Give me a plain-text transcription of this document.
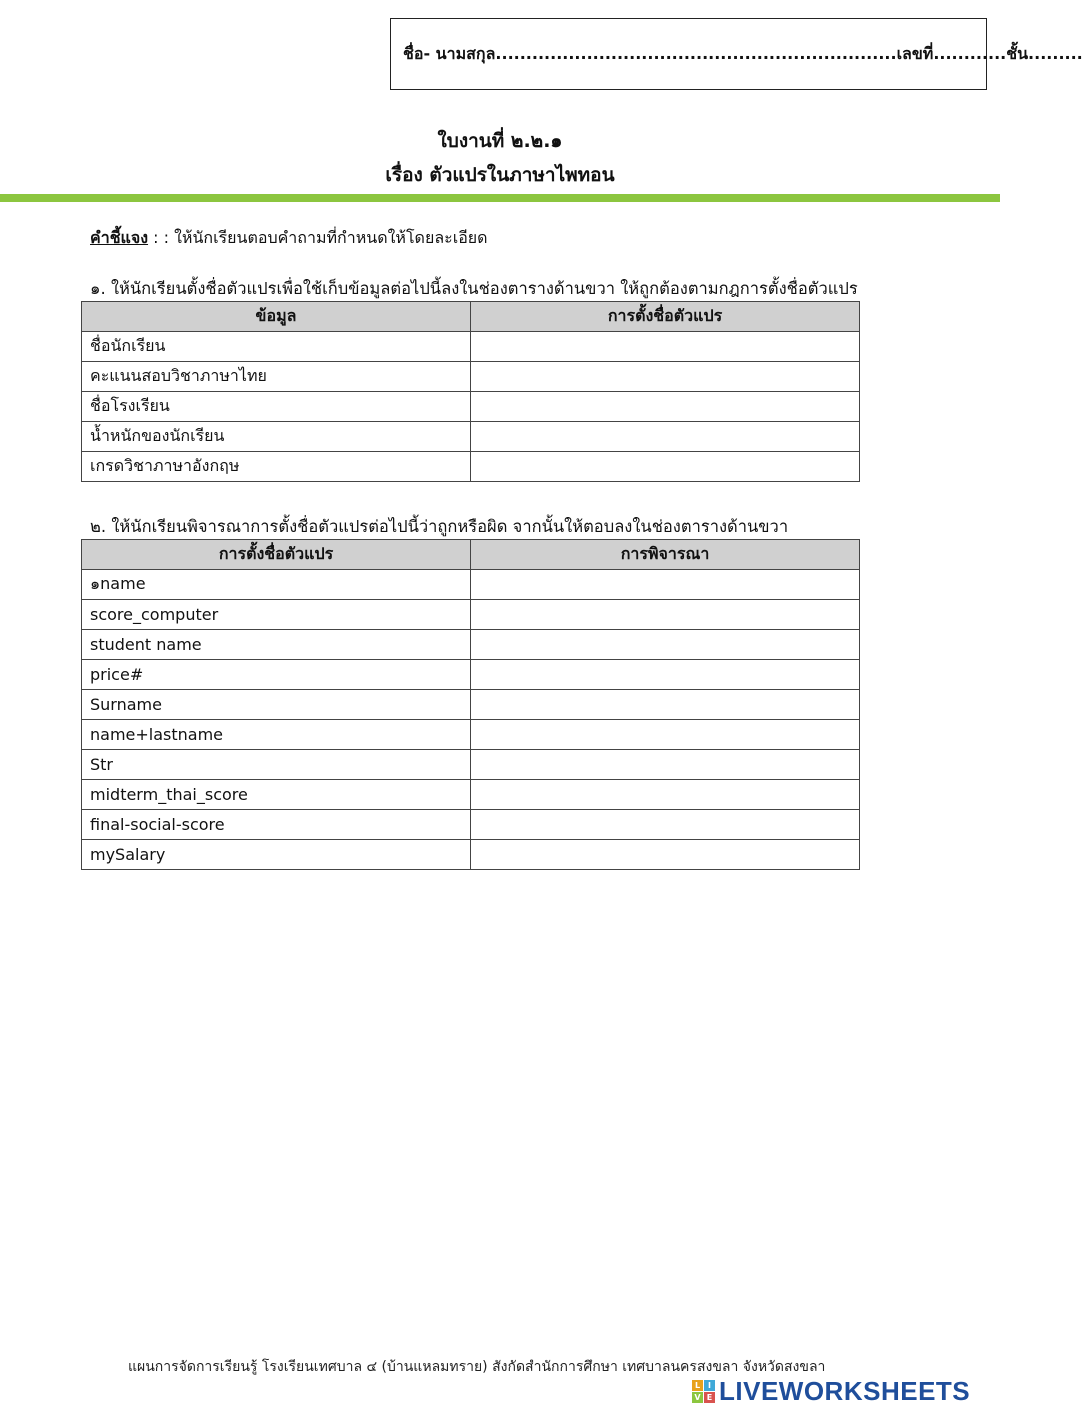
ชื่อ- นามสกุล..................................................................เลขที่............ชั้น.........
ใบงานที่ ๒.๒.๑
เรื่อง ตัวแปรในภาษาไพทอน
คำชี้แจง : : ให้นักเรียนตอบคำถามที่กำหนดให้โดยละเอียด
๑. ให้นักเรียนตั้งชื่อตัวแปรเพื่อใช้เก็บข้อมูลต่อไปนี้ลงในช่องตารางด้านขวา ให้ถูกต้องตามกฎการตั้งชื่อตัวแปร
ข้อมูล	การตั้งชื่อตัวแปร
ชื่อนักเรียน	
คะแนนสอบวิชาภาษาไทย	
ชื่อโรงเรียน	
น้ำหนักของนักเรียน	
เกรดวิชาภาษาอังกฤษ	
๒. ให้นักเรียนพิจารณาการตั้งชื่อตัวแปรต่อไปนี้ว่าถูกหรือผิด จากนั้นให้ตอบลงในช่องตารางด้านขวา
การตั้งชื่อตัวแปร	การพิจารณา
๑name	
score_computer	
student name	
price#	
Surname	
name+lastname	
Str	
midterm_thai_score	
final-social-score	
mySalary	
แผนการจัดการเรียนรู้ โรงเรียนเทศบาล ๔ (บ้านแหลมทราย) สังกัดสำนักการศึกษา เทศบาลนครสงขลา จังหวัดสงขลา
L I
V E LIVEWORKSHEETS
